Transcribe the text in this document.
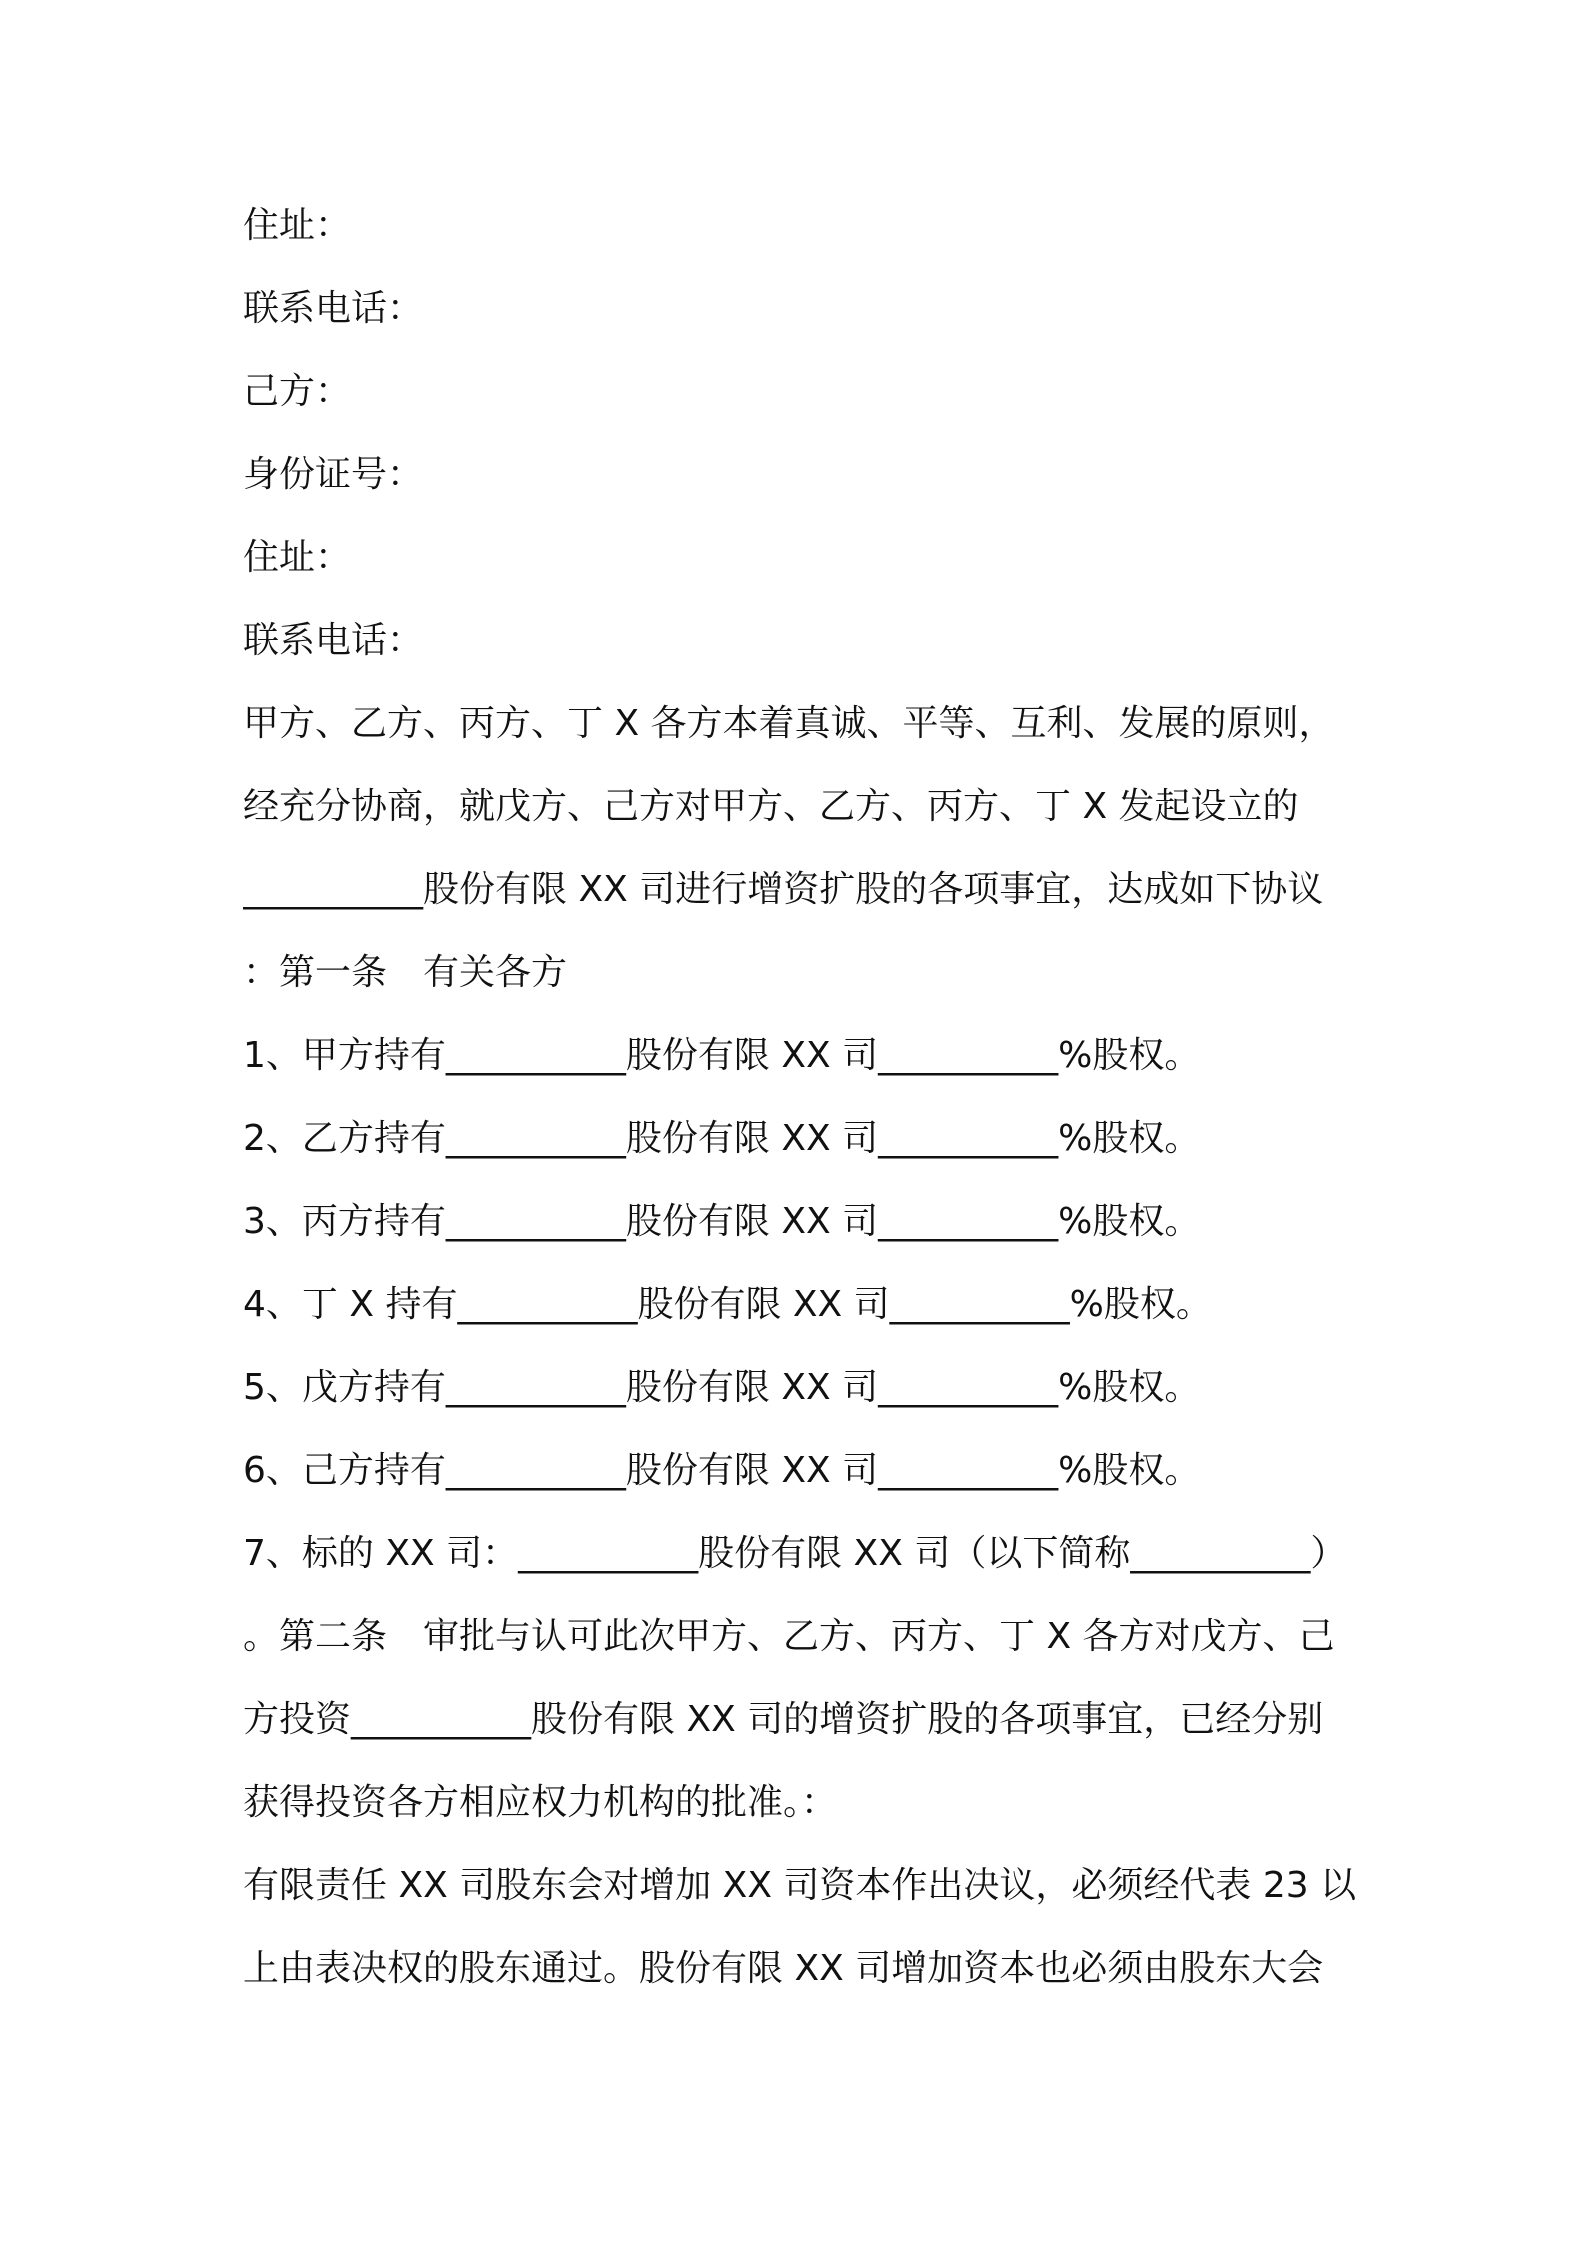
住址：
联系电话：
己方：
身份证号：
住址：
联系电话：
甲方、乙方、丙方、丁 X 各方本着真诚、平等、互利、发展的原则，
经充分协商，就戊方、己方对甲方、乙方、丙方、丁 X 发起设立的
__________股份有限 XX 司进行增资扩股的各项事宜，达成如下协议
：第一条　有关各方
1、甲方持有__________股份有限 XX 司__________%股权。
2、乙方持有__________股份有限 XX 司__________%股权。
3、丙方持有__________股份有限 XX 司__________%股权。
4、丁 X 持有__________股份有限 XX 司__________%股权。
5、戊方持有__________股份有限 XX 司__________%股权。
6、己方持有__________股份有限 XX 司__________%股权。
7、标的 XX 司：__________股份有限 XX 司（以下简称__________）
。第二条　审批与认可此次甲方、乙方、丙方、丁 X 各方对戊方、己
方投资__________股份有限 XX 司的增资扩股的各项事宜，已经分别
获得投资各方相应权力机构的批准。：
有限责任 XX 司股东会对增加 XX 司资本作出决议，必须经代表 23 以
上由表决权的股东通过。股份有限 XX 司增加资本也必须由股东大会
